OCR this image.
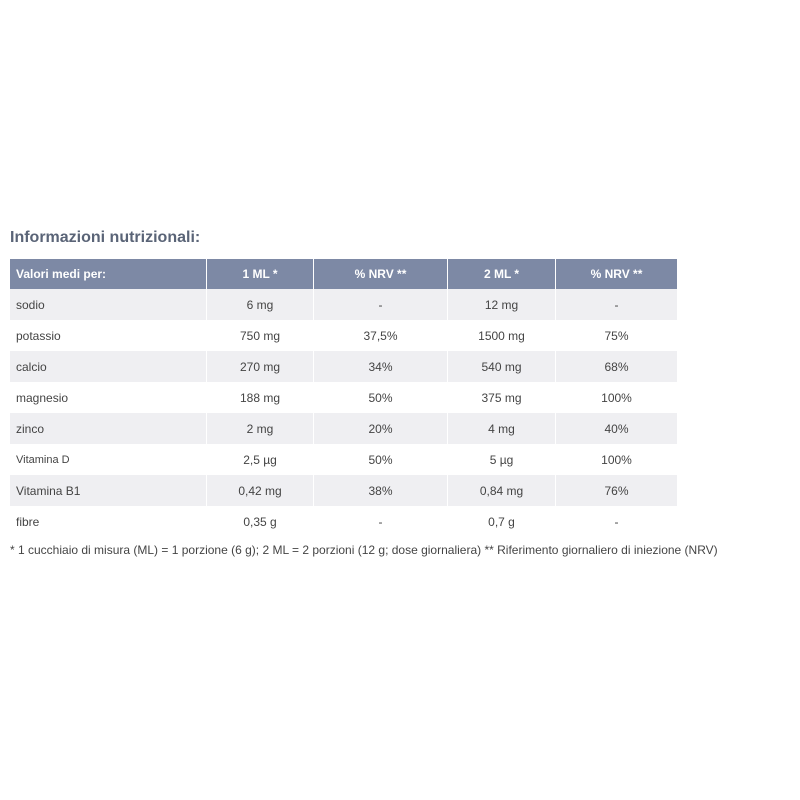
Informazioni nutrizionali:
Valori medi per:	1 ML *	% NRV **	2 ML *	% NRV **
sodio	6 mg	-	12 mg	-
potassio	750 mg	37,5%	1500 mg	75%
calcio	270 mg	34%	540 mg	68%
magnesio	188 mg	50%	375 mg	100%
zinco	2 mg	20%	4 mg	40%
Vitamina D	2,5 µg	50%	5 µg	100%
Vitamina B1	0,42 mg	38%	0,84 mg	76%
fibre	0,35 g	-	0,7 g	-

* 1 cucchiaio di misura (ML) = 1 porzione (6 g); 2 ML = 2 porzioni (12 g; dose giornaliera) ** Riferimento giornaliero di iniezione (NRV)
